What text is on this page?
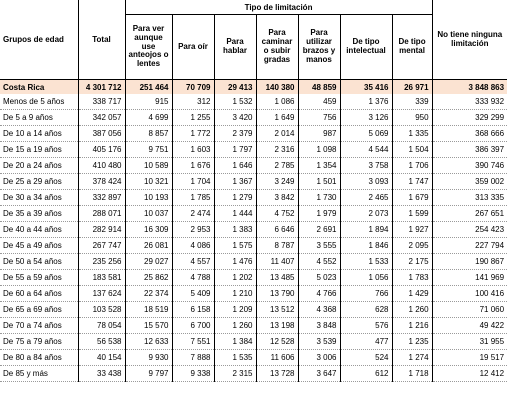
Grupos de edad	Total	Tipo de limitación							No tiene ninguna limitación
		Para ver aunque use anteojos o lentes	Para oír	Para hablar	Para caminar o subir gradas	Para utilizar brazos y manos	De tipo intelectual	De tipo mental	
Costa Rica	4 301 712	251 464	70 709	29 413	140 380	48 859	35 416	26 971	3 848 863
Menos de 5 años	338 717	915	312	1 532	1 086	459	1 376	339	333 932
De 5 a 9 años	342 057	4 699	1 255	3 420	1 649	756	3 126	950	329 299
De 10 a 14 años	387 056	8 857	1 772	2 379	2 014	987	5 069	1 335	368 666
De 15 a 19 años	405 176	9 751	1 603	1 797	2 316	1 098	4 544	1 504	386 397
De 20 a 24 años	410 480	10 589	1 676	1 646	2 785	1 354	3 758	1 706	390 746
De 25 a 29 años	378 424	10 321	1 704	1 367	3 249	1 501	3 093	1 747	359 002
De 30 a 34 años	332 897	10 193	1 785	1 279	3 842	1 730	2 465	1 679	313 335
De 35 a 39 años	288 071	10 037	2 474	1 444	4 752	1 979	2 073	1 599	267 651
De 40 a 44 años	282 914	16 309	2 953	1 383	6 646	2 691	1 894	1 927	254 423
De 45 a 49 años	267 747	26 081	4 086	1 575	8 787	3 555	1 846	2 095	227 794
De 50 a 54 años	235 256	29 027	4 557	1 476	11 407	4 552	1 533	2 175	190 867
De 55 a 59 años	183 581	25 862	4 788	1 202	13 485	5 023	1 056	1 783	141 969
De 60 a 64 años	137 624	22 374	5 409	1 210	13 790	4 766	766	1 429	100 416
De 65 a 69 años	103 528	18 519	6 158	1 209	13 512	4 368	628	1 260	71 060
De 70 a 74 años	78 054	15 570	6 700	1 260	13 198	3 848	576	1 216	49 422
De 75 a 79 años	56 538	12 633	7 551	1 384	12 528	3 539	477	1 235	31 955
De 80 a 84 años	40 154	9 930	7 888	1 535	11 606	3 006	524	1 274	19 517
De 85 y más	33 438	9 797	9 338	2 315	13 728	3 647	612	1 718	12 412
